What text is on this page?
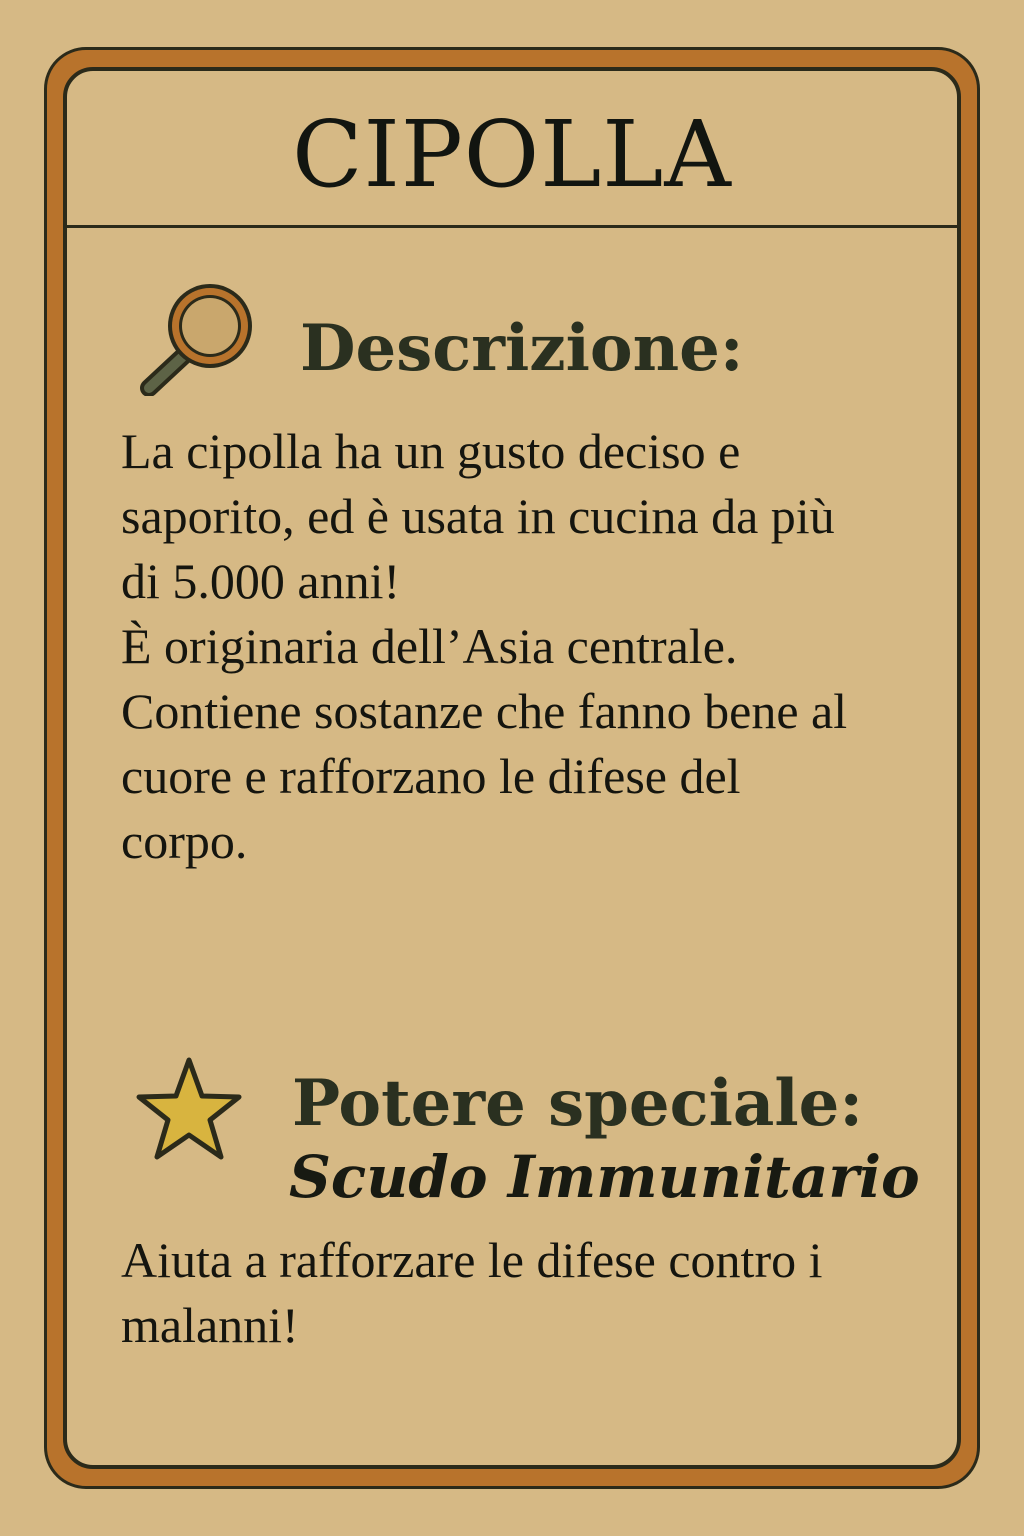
CIPOLLA
Descrizione:
La cipolla ha un gusto deciso e
saporito, ed è usata in cucina da più
di 5.000 anni!
È originaria dell’Asia centrale.
Contiene sostanze che fanno bene al
cuore e rafforzano le difese del
corpo.
Potere speciale:
Scudo Immunitario
Aiuta a rafforzare le difese contro i
malanni!
